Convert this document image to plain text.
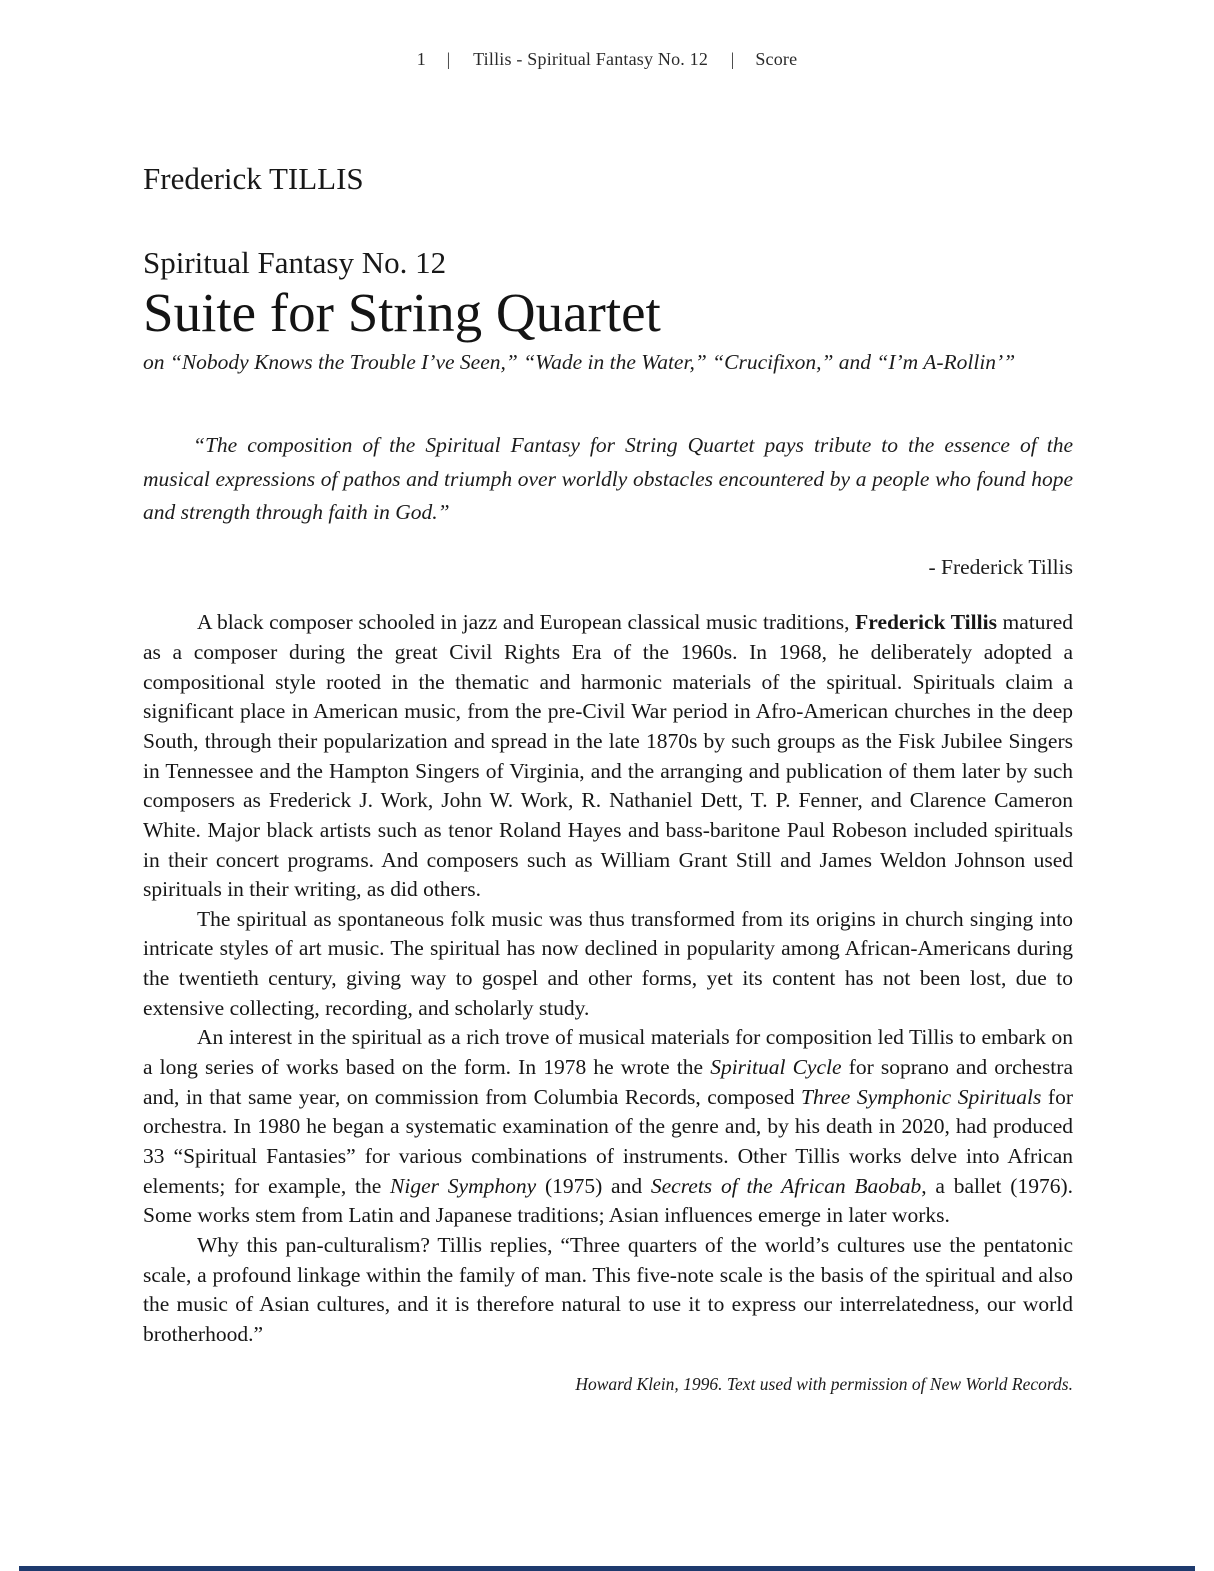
1 | Tillis - Spiritual Fantasy No. 12 | Score
Frederick TILLIS
Spiritual Fantasy No. 12
Suite for String Quartet
on “Nobody Knows the Trouble I’ve Seen,” “Wade in the Water,” “Crucifixon,” and “I’m A-Rollin’”
“The composition of the Spiritual Fantasy for String Quartet pays tribute to the essence of the musical expressions of pathos and triumph over worldly obstacles encountered by a people who found hope and strength through faith in God.”
- Frederick Tillis

A black composer schooled in jazz and European classical music traditions, Frederick Tillis matured as a composer during the great Civil Rights Era of the 1960s. In 1968, he deliberately adopted a compositional style rooted in the thematic and harmonic materials of the spiritual. Spirituals claim a significant place in American music, from the pre-Civil War period in Afro-American churches in the deep South, through their popularization and spread in the late 1870s by such groups as the Fisk Jubilee Singers in Tennessee and the Hampton Singers of Virginia, and the arranging and publication of them later by such composers as Frederick J. Work, John W. Work, R. Nathaniel Dett, T. P. Fenner, and Clarence Cameron White. Major black artists such as tenor Roland Hayes and bass-baritone Paul Robeson included spirituals in their concert programs. And composers such as William Grant Still and James Weldon Johnson used spirituals in their writing, as did others.

The spiritual as spontaneous folk music was thus transformed from its origins in church singing into intricate styles of art music. The spiritual has now declined in popularity among African-Americans during the twentieth century, giving way to gospel and other forms, yet its content has not been lost, due to extensive collecting, recording, and scholarly study.

An interest in the spiritual as a rich trove of musical materials for composition led Tillis to embark on a long series of works based on the form. In 1978 he wrote the Spiritual Cycle for soprano and orchestra and, in that same year, on commission from Columbia Records, composed Three Symphonic Spirituals for orchestra. In 1980 he began a systematic examination of the genre and, by his death in 2020, had produced 33 “Spiritual Fantasies” for various combinations of instruments. Other Tillis works delve into African elements; for example, the Niger Symphony (1975) and Secrets of the African Baobab, a ballet (1976). Some works stem from Latin and Japanese traditions; Asian influences emerge in later works.

Why this pan-culturalism? Tillis replies, “Three quarters of the world’s cultures use the pentatonic scale, a profound linkage within the family of man. This five-note scale is the basis of the spiritual and also the music of Asian cultures, and it is therefore natural to use it to express our interrelatedness, our world brotherhood.”

Howard Klein, 1996. Text used with permission of New World Records.
